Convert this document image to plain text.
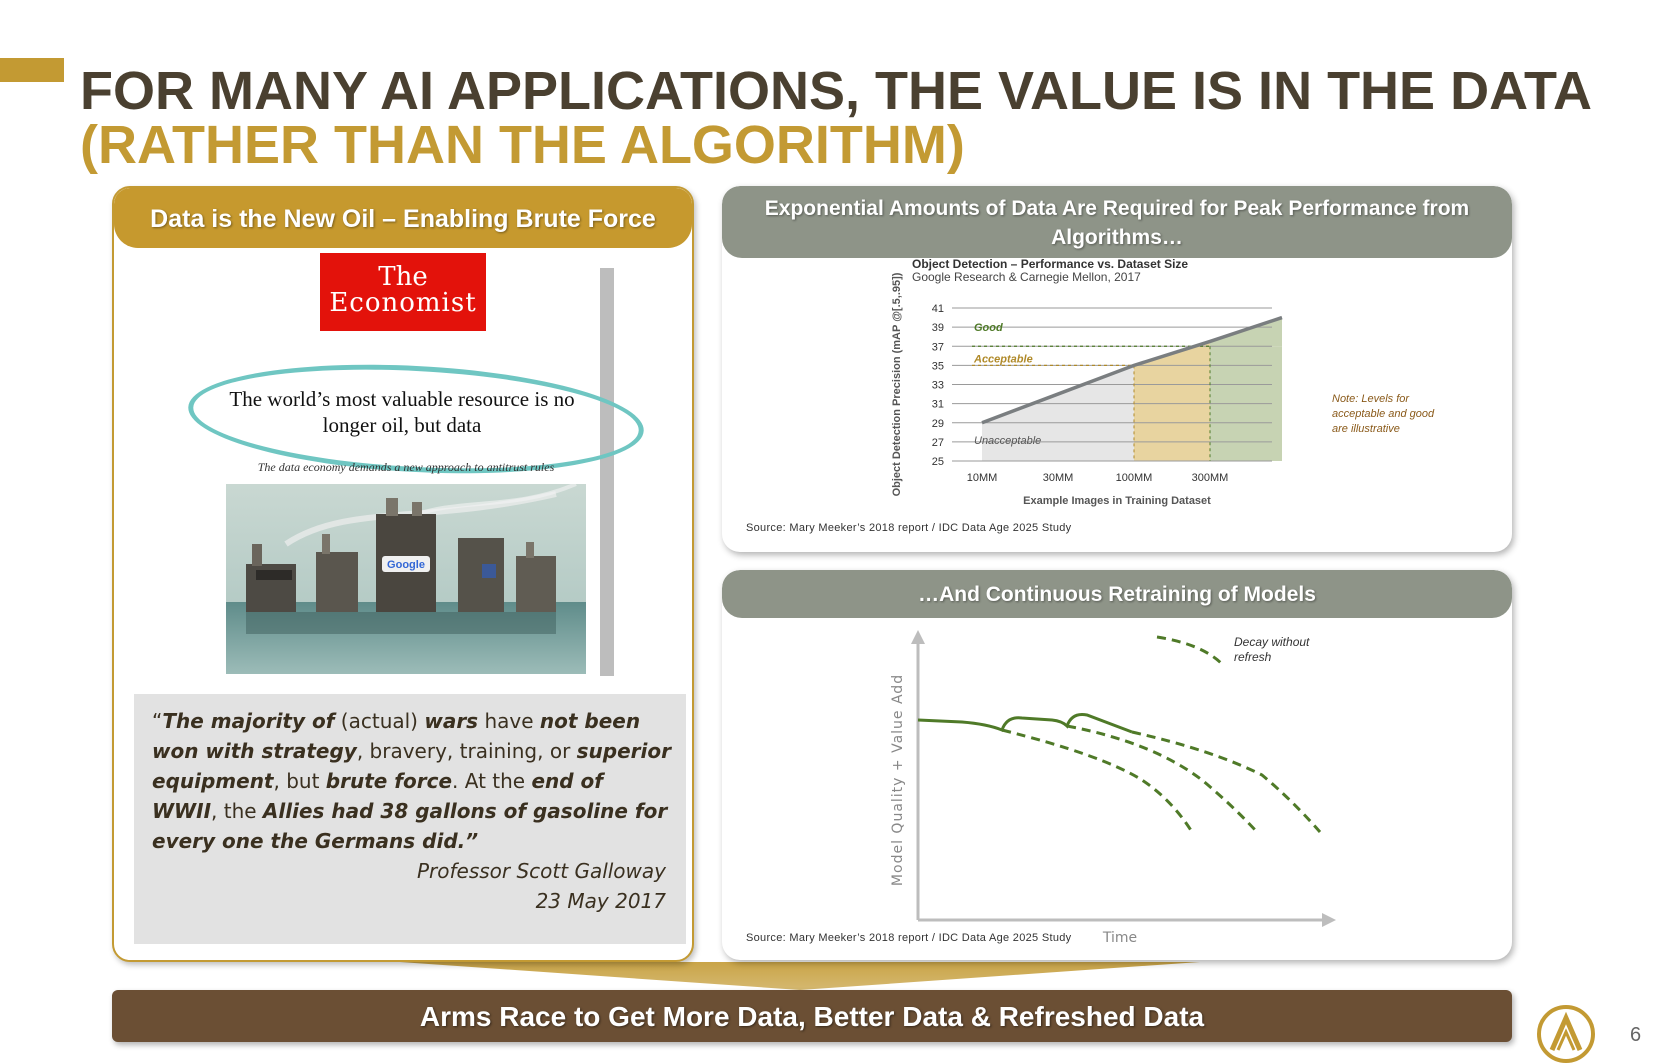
FOR MANY AI APPLICATIONS, THE VALUE IS IN THE DATA
(RATHER THAN THE ALGORITHM)
Data is the New Oil – Enabling Brute Force
The
Economist
The world’s most valuable resource is no longer oil, but data
The data economy demands a new approach to antitrust rules
Google
“The majority of (actual) wars have not been won with strategy, bravery, training, or superior equipment, but brute force. At the end of WWII, the Allies had 38 gallons of gasoline for every one the Germans did.”
Professor Scott Galloway
23 May 2017
Exponential Amounts of Data Are Required for Peak Performance from Algorithms…
Object Detection – Performance vs. Dataset Size
Google Research & Carnegie Mellon, 2017
25
27
29
31
33
35
37
39
41
10MM	30MM	100MM	300MM
Good
Acceptable
Unacceptable
Example Images in Training Dataset
Object Detection Precision (mAP @[.5,.95])	Note: Levels for acceptable and good are illustrative
Source: Mary Meeker’s 2018 report / IDC Data Age 2025 Study
…And Continuous Retraining of Models
Model Quality + Value Add
Time
Decay without refresh
Source: Mary Meeker’s 2018 report / IDC Data Age 2025 Study
Arms Race to Get More Data, Better Data & Refreshed Data
6
